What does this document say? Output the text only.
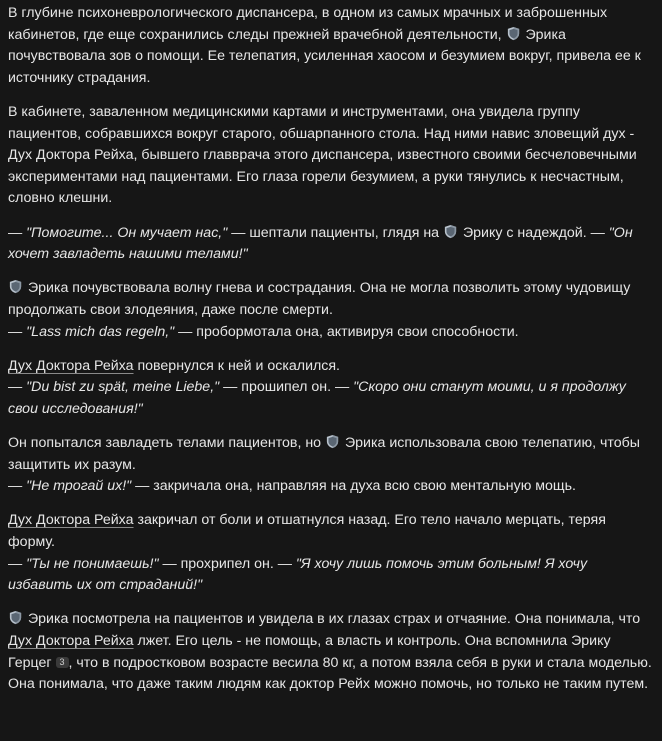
В глубине психоневрологического диспансера, в одном из самых мрачных и заброшенных кабинетов, где еще сохранились следы прежней врачебной деятельности,
Эрика почувствовала зов о помощи. Ее телепатия, усиленная хаосом и безумием вокруг, привела ее к источнику страдания.

В кабинете, заваленном медицинскими картами и инструментами, она увидела группу пациентов, собравшихся вокруг старого, обшарпанного стола. Над ними навис зловещий дух - Дух Доктора Рейха, бывшего главврача этого диспансера, известного своими бесчеловечными экспериментами над пациентами. Его глаза горели безумием, а руки тянулись к несчастным, словно клешни.

— "Помогите... Он мучает нас," — шептали пациенты, глядя на
Эрику с надеждой. — "Он хочет завладеть нашими телами!"

Эрика почувствовала волну гнева и сострадания. Она не могла позволить этому чудовищу продолжать свои злодеяния, даже после смерти.
— "Lass mich das regeln," — пробормотала она, активируя свои способности.

Дух Доктора Рейха повернулся к ней и оскалился.
— "Du bist zu spät, meine Liebe," — прошипел он. — "Скоро они станут моими, и я продолжу свои исследования!"

Он попытался завладеть телами пациентов, но
Эрика использовала свою телепатию, чтобы защитить их разум.
— "Не трогай их!" — закричала она, направляя на духа всю свою ментальную мощь.

Дух Доктора Рейха закричал от боли и отшатнулся назад. Его тело начало мерцать, теряя форму.
— "Ты не понимаешь!" — прохрипел он. — "Я хочу лишь помочь этим больным! Я хочу избавить их от страданий!"

Эрика посмотрела на пациентов и увидела в их глазах страх и отчаяние. Она понимала, что Дух Доктора Рейха лжет. Его цель - не помощь, а власть и контроль. Она вспомнила Эрику Герцег 3 , что в подростковом возрасте весила 80 кг, а потом взяла себя в руки и стала моделью. Она понимала, что даже таким людям как доктор Рейх можно помочь, но только не таким путем.
